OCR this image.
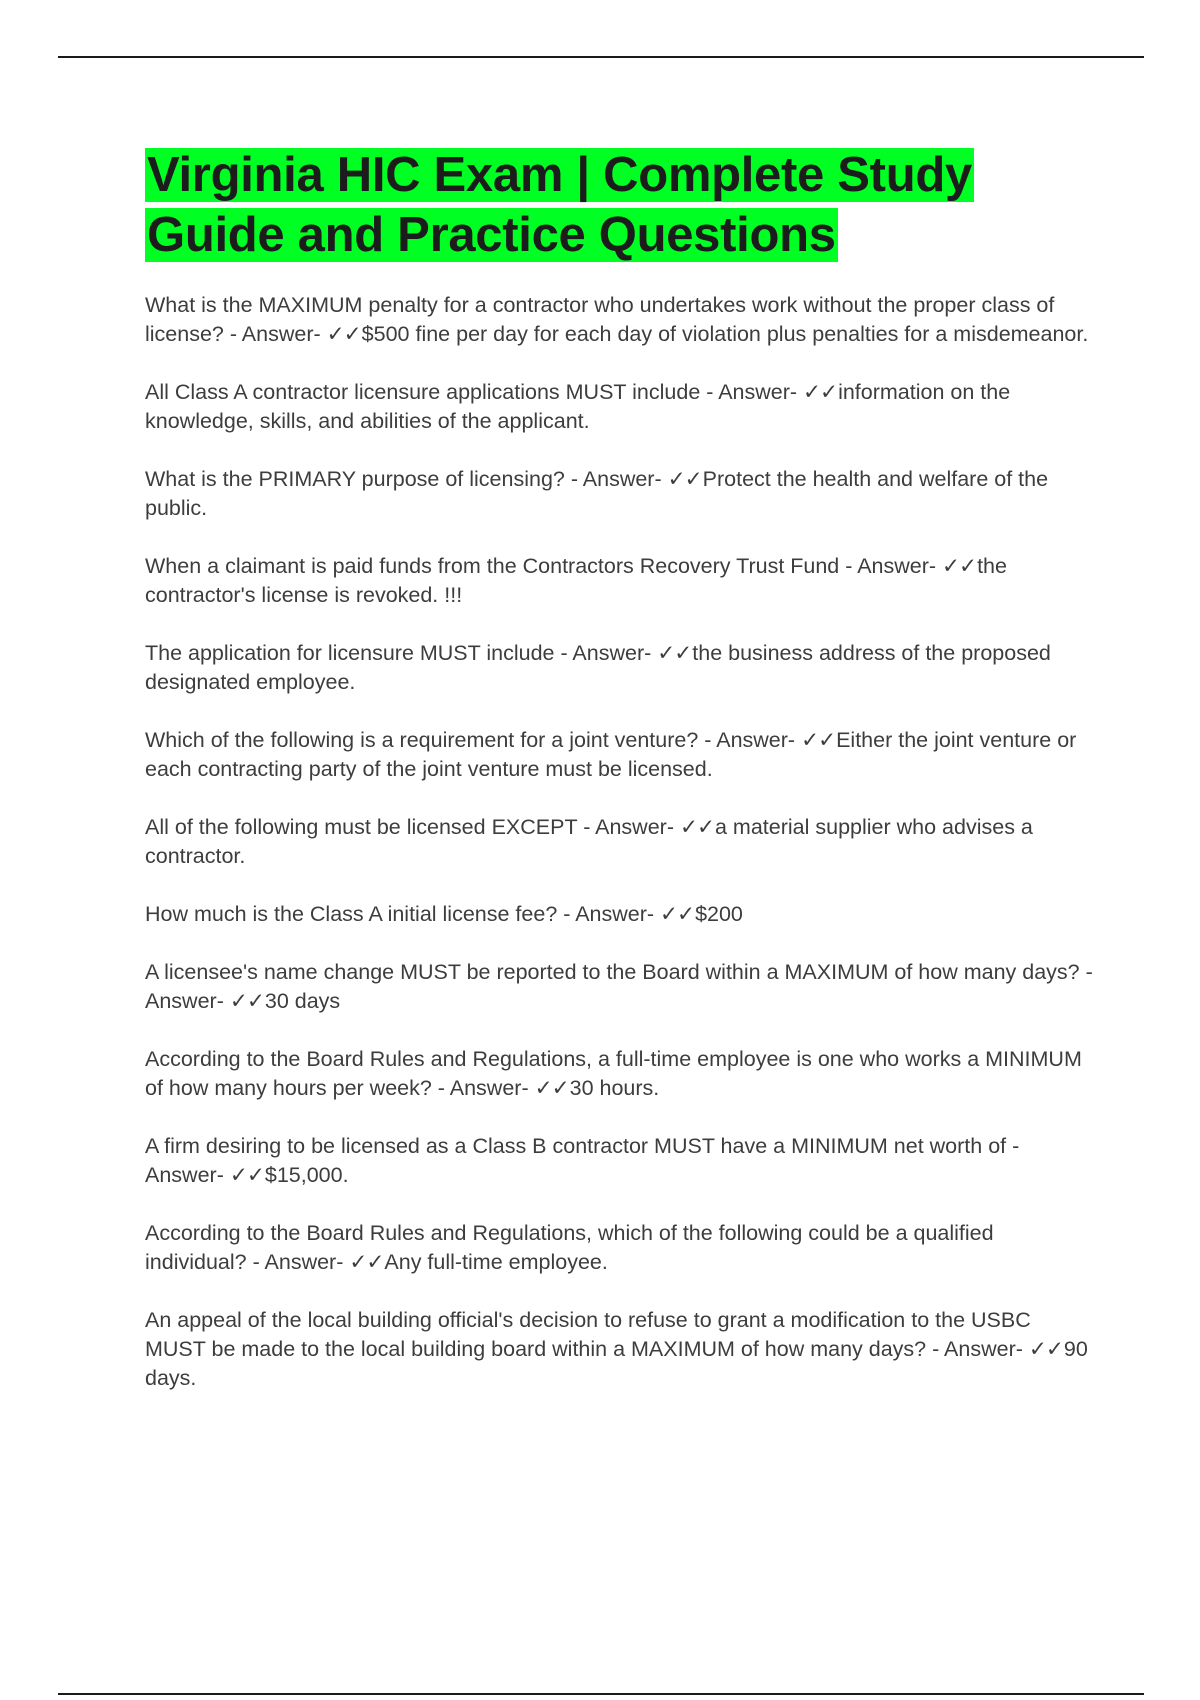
Virginia HIC Exam | Complete Study Guide and Practice Questions
What is the MAXIMUM penalty for a contractor who undertakes work without the proper class of license? - Answer- ✓✓$500 fine per day for each day of violation plus penalties for a misdemeanor.
All Class A contractor licensure applications MUST include - Answer- ✓✓information on the knowledge, skills, and abilities of the applicant.
What is the PRIMARY purpose of licensing? - Answer- ✓✓Protect the health and welfare of the public.
When a claimant is paid funds from the Contractors Recovery Trust Fund - Answer- ✓✓the contractor's license is revoked. !!!
The application for licensure MUST include - Answer- ✓✓the business address of the proposed designated employee.
Which of the following is a requirement for a joint venture? - Answer- ✓✓Either the joint venture or each contracting party of the joint venture must be licensed.
All of the following must be licensed EXCEPT - Answer- ✓✓a material supplier who advises a contractor.
How much is the Class A initial license fee? - Answer- ✓✓$200
A licensee's name change MUST be reported to the Board within a MAXIMUM of how many days? - Answer- ✓✓30 days
According to the Board Rules and Regulations, a full-time employee is one who works a MINIMUM of how many hours per week? - Answer- ✓✓30 hours.
A firm desiring to be licensed as a Class B contractor MUST have a MINIMUM net worth of - Answer- ✓✓$15,000.
According to the Board Rules and Regulations, which of the following could be a qualified individual? - Answer- ✓✓Any full-time employee.
An appeal of the local building official's decision to refuse to grant a modification to the USBC MUST be made to the local building board within a MAXIMUM of how many days? - Answer- ✓✓90 days.
